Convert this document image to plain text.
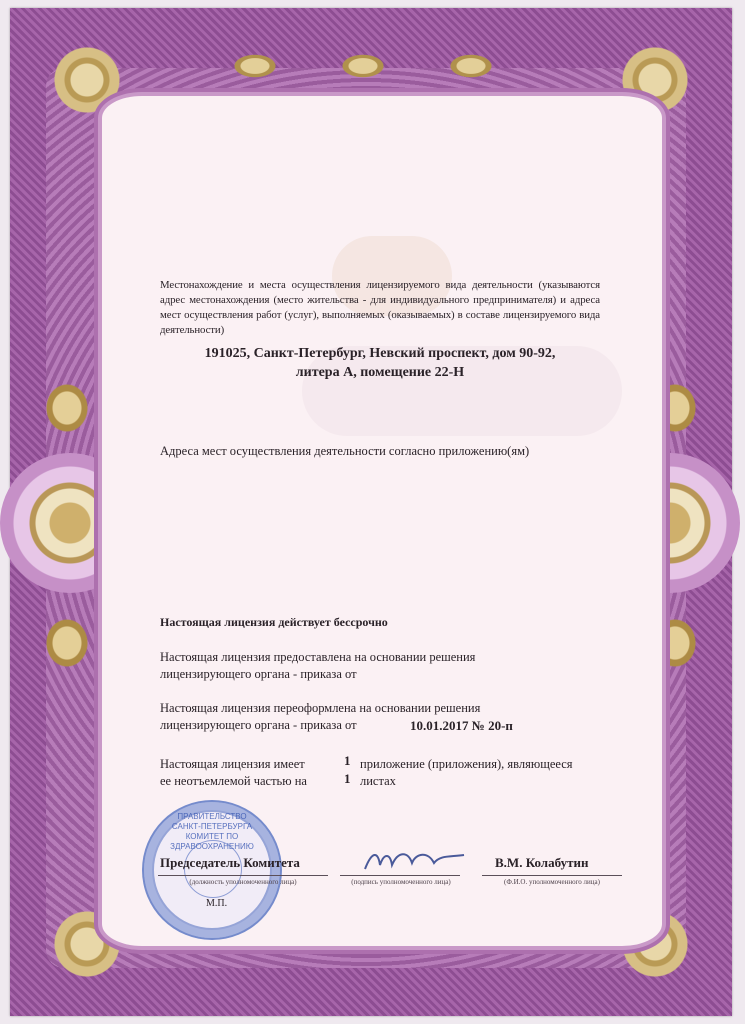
Местонахождение и места осуществления лицензируемого вида деятельности (указываются адрес местонахождения (место жительства - для индивидуального предпринимателя) и адреса мест осуществления работ (услуг), выполняемых (оказываемых) в составе лицензируемого вида деятельности)
191025, Санкт-Петербург, Невский проспект, дом 90-92,
литера А, помещение 22-Н
Адреса мест осуществления деятельности согласно приложению(ям)
Настоящая лицензия действует бессрочно
Настоящая лицензия предоставлена на основании решения лицензирующего органа - приказа от
Настоящая лицензия переоформлена на основании решения лицензирующего органа - приказа от	10.01.2017 № 20-п
Настоящая лицензия имеет	1 приложение (приложения), являющееся
ее неотъемлемой частью на	1 листах
ПРАВИТЕЛЬСТВО САНКТ-ПЕТЕРБУРГА КОМИТЕТ ПО ЗДРАВООХРАНЕНИЮ
Председатель Комитета
(должность уполномоченного лица)	(подпись уполномоченного лица)
В.М. Колабутин
(Ф.И.О. уполномоченного лица)
М.П.
